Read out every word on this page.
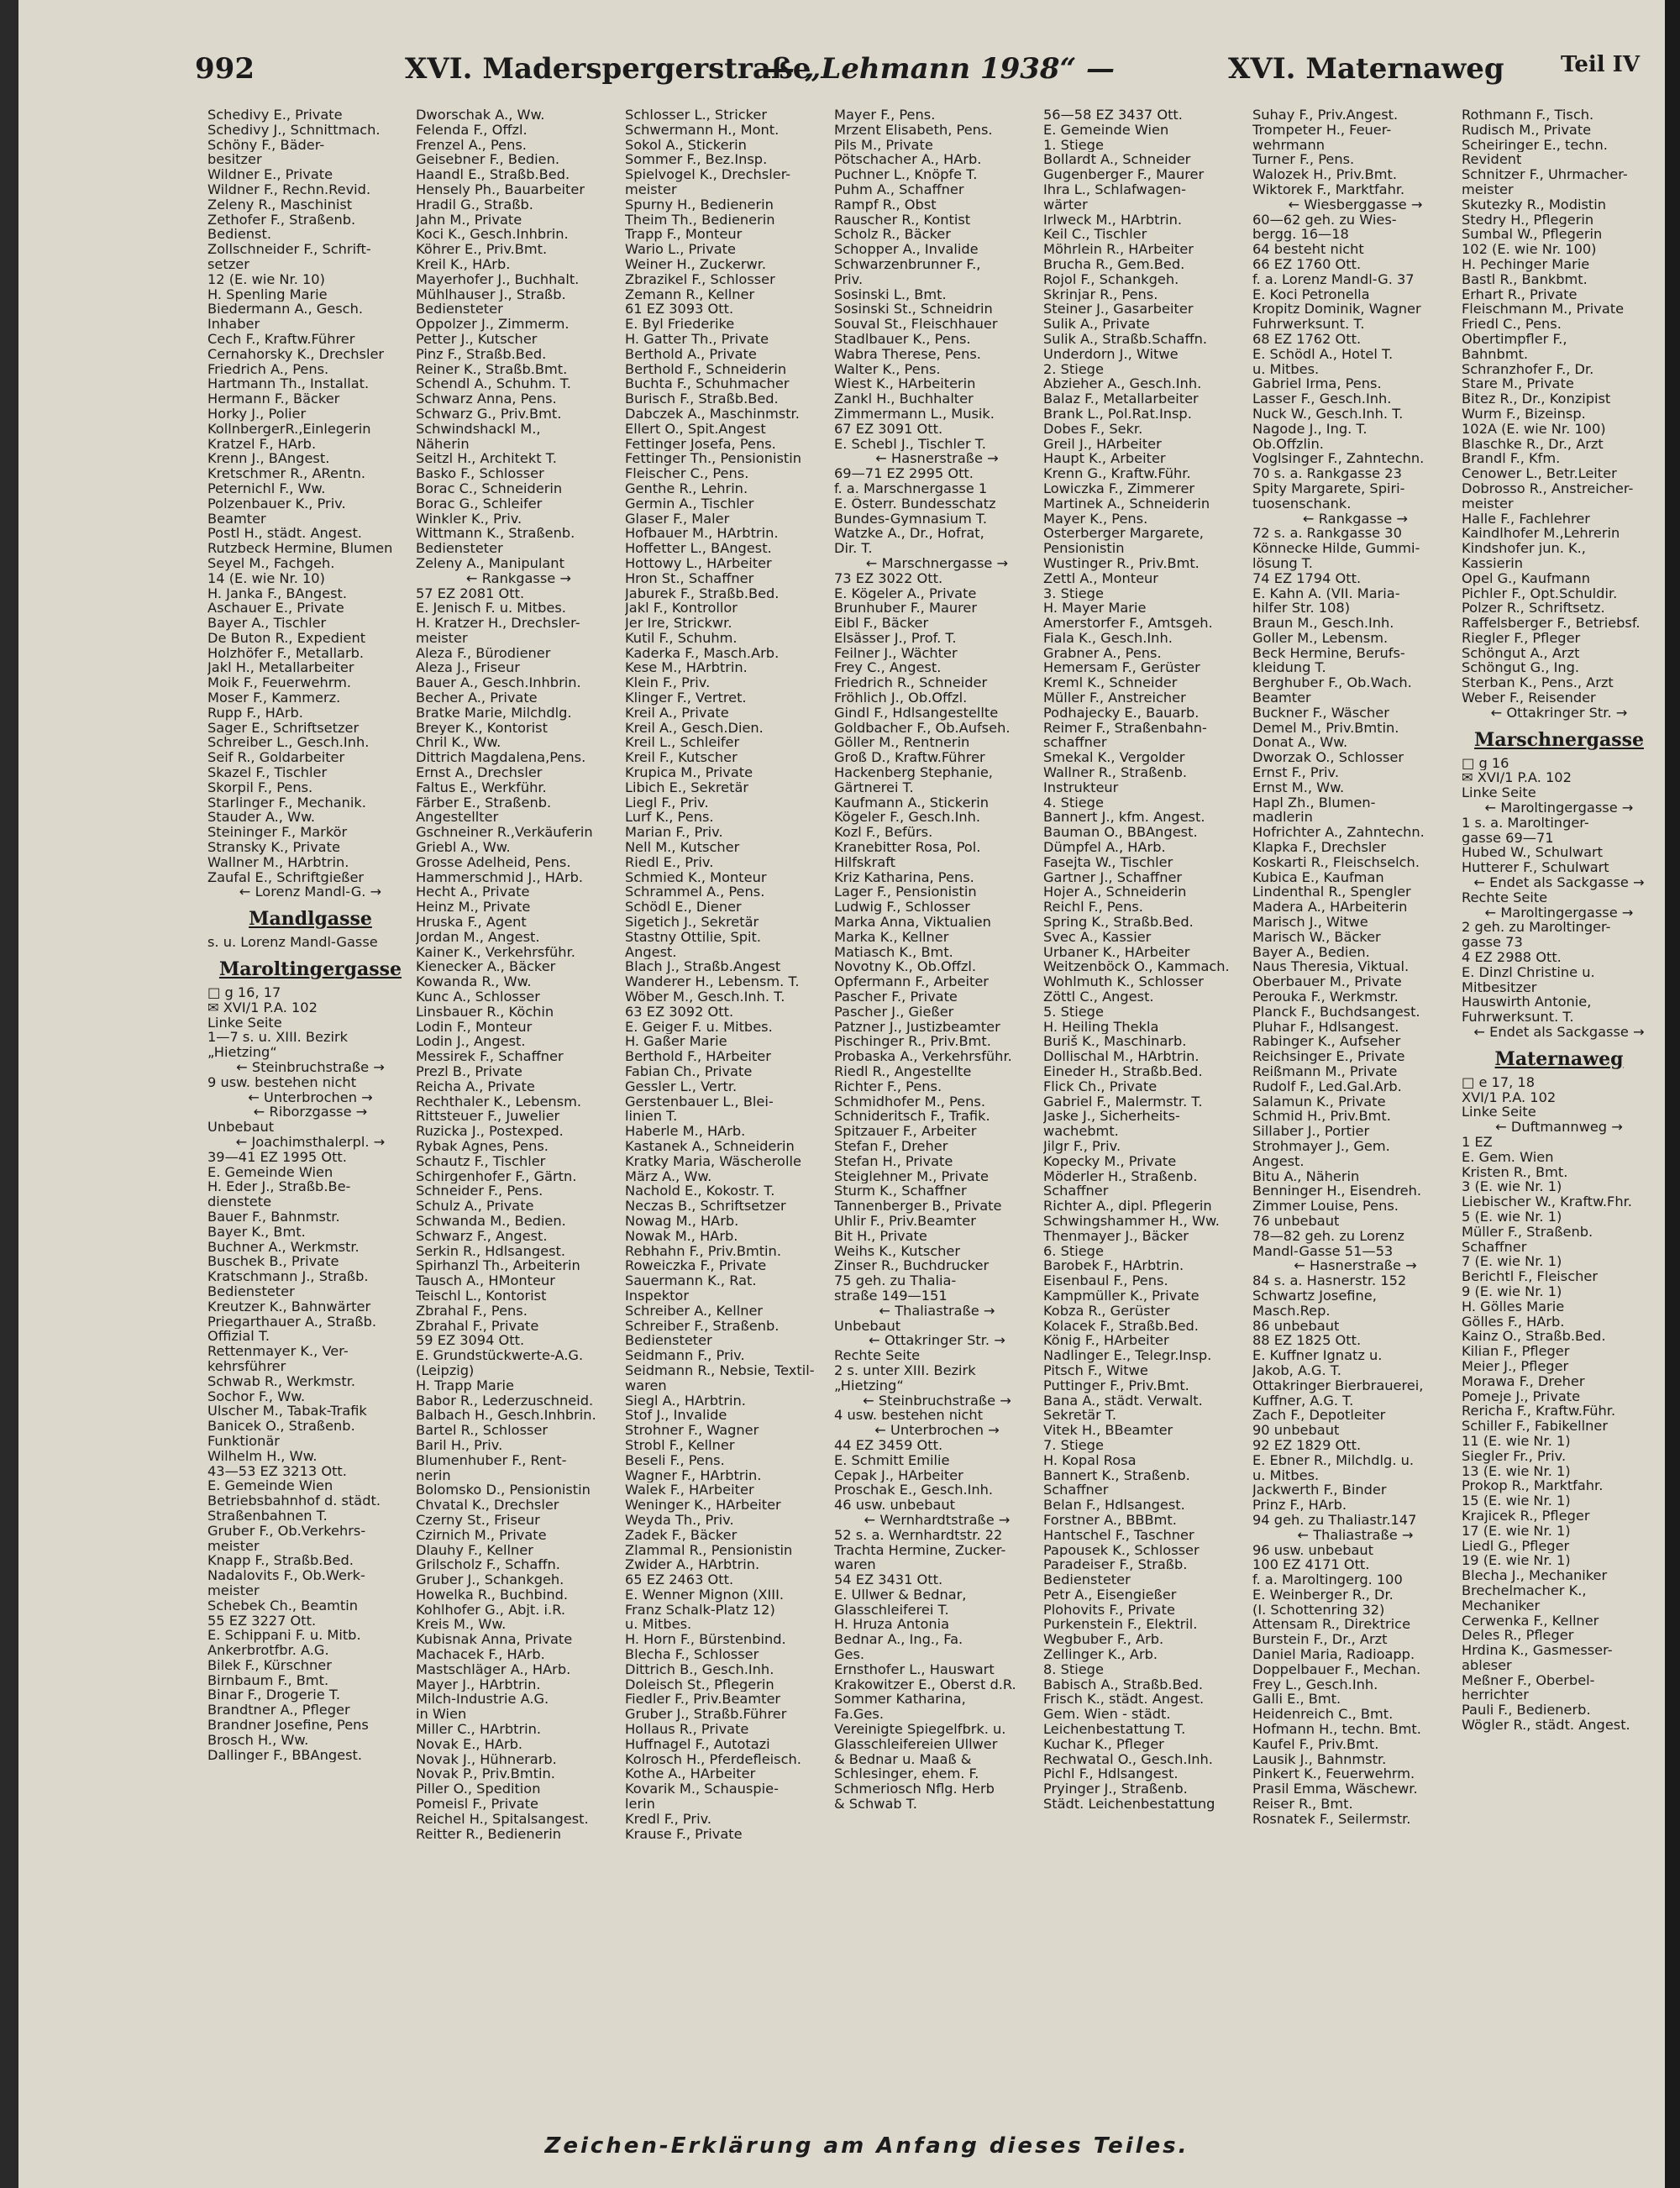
992	XVI. Maderspergerstraße
— „Lehmann 1938“ —	XVI. Maternaweg	Teil IV
Schedivy E., Private
Schedivy J., Schnittmach.
Schöny F., Bäder-
besitzer
Wildner E., Private
Wildner F., Rechn.Revid.
Zeleny R., Maschinist
Zethofer F., Straßenb.
Bedienst.
Zollschneider F., Schrift-
setzer
12 (E. wie Nr. 10)
H. Spenling Marie
Biedermann A., Gesch.
Inhaber
Cech F., Kraftw.Führer
Cernahorsky K., Drechsler
Friedrich A., Pens.
Hartmann Th., Installat.
Hermann F., Bäcker
Horky J., Polier
KollnbergerR.,Einlegerin
Kratzel F., HArb.
Krenn J., BAngest.
Kretschmer R., ARentn.
Peternichl F., Ww.
Polzenbauer K., Priv.
Beamter
Postl H., städt. Angest.
Rutzbeck Hermine, Blumen
Seyel M., Fachgeh.
14 (E. wie Nr. 10)
H. Janka F., BAngest.
Aschauer E., Private
Bayer A., Tischler
De Buton R., Expedient
Holzhöfer F., Metallarb.
Jakl H., Metallarbeiter
Moik F., Feuerwehrm.
Moser F., Kammerz.
Rupp F., HArb.
Sager E., Schriftsetzer
Schreiber L., Gesch.Inh.
Seif R., Goldarbeiter
Skazel F., Tischler
Skorpil F., Pens.
Starlinger F., Mechanik.
Stauder A., Ww.
Steininger F., Markör
Stransky K., Private
Wallner M., HArbtrin.
Zaufal E., Schriftgießer
← Lorenz Mandl-G. →
Mandlgasse
s. u. Lorenz Mandl-Gasse
Maroltingergasse
□ g 16, 17
✉ XVI/1 P.A. 102
Linke Seite
1—7 s. u. XIII. Bezirk
„Hietzing“
← Steinbruchstraße →
9 usw. bestehen nicht
← Unterbrochen →
← Riborzgasse →
Unbebaut
← Joachimsthalerpl. →
39—41 EZ 1995 Ott.
E. Gemeinde Wien
H. Eder J., Straßb.Be-
dienstete
Bauer F., Bahnmstr.
Bayer K., Bmt.
Buchner A., Werkmstr.
Buschek B., Private
Kratschmann J., Straßb.
Bediensteter
Kreutzer K., Bahnwärter
Priegarthauer A., Straßb.
Offizial T.
Rettenmayer K., Ver-
kehrsführer
Schwab R., Werkmstr.
Sochor F., Ww.
Ulscher M., Tabak-Trafik
Banicek O., Straßenb.
Funktionär
Wilhelm H., Ww.
43—53 EZ 3213 Ott.
E. Gemeinde Wien
Betriebsbahnhof d. städt.
Straßenbahnen T.
Gruber F., Ob.Verkehrs-
meister
Knapp F., Straßb.Bed.
Nadalovits F., Ob.Werk-
meister
Schebek Ch., Beamtin
55 EZ 3227 Ott.
E. Schippani F. u. Mitb.
Ankerbrotfbr. A.G.
Bilek F., Kürschner
Birnbaum F., Bmt.
Binar F., Drogerie T.
Brandtner A., Pfleger
Brandner Josefine, Pens
Brosch H., Ww.
Dallinger F., BBAngest.
Dworschak A., Ww.
Felenda F., Offzl.
Frenzel A., Pens.
Geisebner F., Bedien.
Haandl E., Straßb.Bed.
Hensely Ph., Bauarbeiter
Hradil G., Straßb.
Jahn M., Private
Koci K., Gesch.Inhbrin.
Köhrer E., Priv.Bmt.
Kreil K., HArb.
Mayerhofer J., Buchhalt.
Mühlhauser J., Straßb.
Bediensteter
Oppolzer J., Zimmerm.
Petter J., Kutscher
Pinz F., Straßb.Bed.
Reiner K., Straßb.Bmt.
Schendl A., Schuhm. T.
Schwarz Anna, Pens.
Schwarz G., Priv.Bmt.
Schwindshackl M.,
Näherin
Seitzl H., Architekt T.
Basko F., Schlosser
Borac C., Schneiderin
Borac G., Schleifer
Winkler K., Priv.
Wittmann K., Straßenb.
Bediensteter
Zeleny A., Manipulant
← Rankgasse →
57 EZ 2081 Ott.
E. Jenisch F. u. Mitbes.
H. Kratzer H., Drechsler-
meister
Aleza F., Bürodiener
Aleza J., Friseur
Bauer A., Gesch.Inhbrin.
Becher A., Private
Bratke Marie, Milchdlg.
Breyer K., Kontorist
Chril K., Ww.
Dittrich Magdalena,Pens.
Ernst A., Drechsler
Faltus E., Werkführ.
Färber E., Straßenb.
Angestellter
Gschneiner R.,Verkäuferin
Griebl A., Ww.
Grosse Adelheid, Pens.
Hammerschmid J., HArb.
Hecht A., Private
Heinz M., Private
Hruska F., Agent
Jordan M., Angest.
Kainer K., Verkehrsführ.
Kienecker A., Bäcker
Kowanda R., Ww.
Kunc A., Schlosser
Linsbauer R., Köchin
Lodin F., Monteur
Lodin J., Angest.
Messirek F., Schaffner
Prezl B., Private
Reicha A., Private
Rechthaler K., Lebensm.
Rittsteuer F., Juwelier
Ruzicka J., Postexped.
Rybak Agnes, Pens.
Schautz F., Tischler
Schirgenhofer F., Gärtn.
Schneider F., Pens.
Schulz A., Private
Schwanda M., Bedien.
Schwarz F., Angest.
Serkin R., Hdlsangest.
Spirhanzl Th., Arbeiterin
Tausch A., HMonteur
Teischl L., Kontorist
Zbrahal F., Pens.
Zbrahal F., Private
59 EZ 3094 Ott.
E. Grundstückwerte-A.G.
(Leipzig)
H. Trapp Marie
Babor R., Lederzuschneid.
Balbach H., Gesch.Inhbrin.
Bartel R., Schlosser
Baril H., Priv.
Blumenhuber F., Rent-
nerin
Bolomsko D., Pensionistin
Chvatal K., Drechsler
Czerny St., Friseur
Czirnich M., Private
Dlauhy F., Kellner
Grilscholz F., Schaffn.
Gruber J., Schankgeh.
Howelka R., Buchbind.
Kohlhofer G., Abjt. i.R.
Kreis M., Ww.
Kubisnak Anna, Private
Machacek F., HArb.
Mastschläger A., HArb.
Mayer J., HArbtrin.
Milch-Industrie A.G.
in Wien
Miller C., HArbtrin.
Novak E., HArb.
Novak J., Hühnerarb.
Novak P., Priv.Bmtin.
Piller O., Spedition
Pomeisl F., Private
Reichel H., Spitalsangest.
Reitter R., Bedienerin
Schlosser L., Stricker
Schwermann H., Mont.
Sokol A., Stickerin
Sommer F., Bez.Insp.
Spielvogel K., Drechsler-
meister
Spurny H., Bedienerin
Theim Th., Bedienerin
Trapp F., Monteur
Wario L., Private
Weiner H., Zuckerwr.
Zbrazikel F., Schlosser
Zemann R., Kellner
61 EZ 3093 Ott.
E. Byl Friederike
H. Gatter Th., Private
Berthold A., Private
Berthold F., Schneiderin
Buchta F., Schuhmacher
Burisch F., Straßb.Bed.
Dabczek A., Maschinmstr.
Ellert O., Spit.Angest
Fettinger Josefa, Pens.
Fettinger Th., Pensionistin
Fleischer C., Pens.
Genthe R., Lehrin.
Germin A., Tischler
Glaser F., Maler
Hofbauer M., HArbtrin.
Hoffetter L., BAngest.
Hottowy L., HArbeiter
Hron St., Schaffner
Jaburek F., Straßb.Bed.
Jakl F., Kontrollor
Jer Ire, Strickwr.
Kutil F., Schuhm.
Kaderka F., Masch.Arb.
Kese M., HArbtrin.
Klein F., Priv.
Klinger F., Vertret.
Kreil A., Private
Kreil A., Gesch.Dien.
Kreil L., Schleifer
Kreil F., Kutscher
Krupica M., Private
Libich E., Sekretär
Liegl F., Priv.
Lurf K., Pens.
Marian F., Priv.
Nell M., Kutscher
Riedl E., Priv.
Schmied K., Monteur
Schrammel A., Pens.
Schödl E., Diener
Sigetich J., Sekretär
Stastny Ottilie, Spit.
Angest.
Blach J., Straßb.Angest
Wanderer H., Lebensm. T.
Wöber M., Gesch.Inh. T.
63 EZ 3092 Ott.
E. Geiger F. u. Mitbes.
H. Gaßer Marie
Berthold F., HArbeiter
Fabian Ch., Private
Gessler L., Vertr.
Gerstenbauer L., Blei-
linien T.
Haberle M., HArb.
Kastanek A., Schneiderin
Kratky Maria, Wäscherolle
März A., Ww.
Nachold E., Kokostr. T.
Neczas B., Schriftsetzer
Nowag M., HArb.
Nowak M., HArb.
Rebhahn F., Priv.Bmtin.
Roweiczka F., Private
Sauermann K., Rat.
Inspektor
Schreiber A., Kellner
Schreiber F., Straßenb.
Bediensteter
Seidmann F., Priv.
Seidmann R., Nebsie, Textil-
waren
Siegl A., HArbtrin.
Stof J., Invalide
Strohner F., Wagner
Strobl F., Kellner
Beseli F., Pens.
Wagner F., HArbtrin.
Walek F., HArbeiter
Weninger K., HArbeiter
Weyda Th., Priv.
Zadek F., Bäcker
Zlammal R., Pensionistin
Zwider A., HArbtrin.
65 EZ 2463 Ott.
E. Wenner Mignon (XIII.
Franz Schalk-Platz 12)
u. Mitbes.
H. Horn F., Bürstenbind.
Blecha F., Schlosser
Dittrich B., Gesch.Inh.
Doleisch St., Pflegerin
Fiedler F., Priv.Beamter
Gruber J., Straßb.Führer
Hollaus R., Private
Huffnagel F., Autotazi
Kolrosch H., Pferdefleisch.
Kothe A., HArbeiter
Kovarik M., Schauspie-
lerin
Kredl F., Priv.
Krause F., Private
Mayer F., Pens.
Mrzent Elisabeth, Pens.
Pils M., Private
Pötschacher A., HArb.
Puchner L., Knöpfe T.
Puhm A., Schaffner
Rampf R., Obst
Rauscher R., Kontist
Scholz R., Bäcker
Schopper A., Invalide
Schwarzenbrunner F.,
Priv.
Sosinski L., Bmt.
Sosinski St., Schneidrin
Souval St., Fleischhauer
Stadlbauer K., Pens.
Wabra Therese, Pens.
Walter K., Pens.
Wiest K., HArbeiterin
Zankl H., Buchhalter
Zimmermann L., Musik.
67 EZ 3091 Ott.
E. Schebl J., Tischler T.
← Hasnerstraße →
69—71 EZ 2995 Ott.
f. a. Marschnergasse 1
E. Österr. Bundesschatz
Bundes-Gymnasium T.
Watzke A., Dr., Hofrat,
Dir. T.
← Marschnergasse →
73 EZ 3022 Ott.
E. Kögeler A., Private
Brunhuber F., Maurer
Eibl F., Bäcker
Elsässer J., Prof. T.
Feilner J., Wächter
Frey C., Angest.
Friedrich R., Schneider
Fröhlich J., Ob.Offzl.
Gindl F., Hdlsangestellte
Goldbacher F., Ob.Aufseh.
Göller M., Rentnerin
Groß D., Kraftw.Führer
Hackenberg Stephanie,
Gärtnerei T.
Kaufmann A., Stickerin
Kögeler F., Gesch.Inh.
Kozl F., Befürs.
Kranebitter Rosa, Pol.
Hilfskraft
Kriz Katharina, Pens.
Lager F., Pensionistin
Ludwig F., Schlosser
Marka Anna, Viktualien
Marka K., Kellner
Matiasch K., Bmt.
Novotny K., Ob.Offzl.
Opfermann F., Arbeiter
Pascher F., Private
Pascher J., Gießer
Patzner J., Justizbeamter
Pischinger R., Priv.Bmt.
Probaska A., Verkehrsführ.
Riedl R., Angestellte
Richter F., Pens.
Schmidhofer M., Pens.
Schnideritsch F., Trafik.
Spitzauer F., Arbeiter
Stefan F., Dreher
Stefan H., Private
Steiglehner M., Private
Sturm K., Schaffner
Tannenberger B., Private
Uhlir F., Priv.Beamter
Bit H., Private
Weihs K., Kutscher
Zinser R., Buchdrucker
75 geh. zu Thalia-
straße 149—151
← Thaliastraße →
Unbebaut
← Ottakringer Str. →
Rechte Seite
2 s. unter XIII. Bezirk
„Hietzing“
← Steinbruchstraße →
4 usw. bestehen nicht
← Unterbrochen →
44 EZ 3459 Ott.
E. Schmitt Emilie
Cepak J., HArbeiter
Proschak E., Gesch.Inh.
46 usw. unbebaut
← Wernhardtstraße →
52 s. a. Wernhardtstr. 22
Trachta Hermine, Zucker-
waren
54 EZ 3431 Ott.
E. Ullwer & Bednar,
Glasschleiferei T.
H. Hruza Antonia
Bednar A., Ing., Fa.
Ges.
Ernsthofer L., Hauswart
Krakowitzer E., Oberst d.R.
Sommer Katharina,
Fa.Ges.
Vereinigte Spiegelfbrk. u.
Glasschleifereien Ullwer
& Bednar u. Maaß &
Schlesinger, ehem. F.
Schmeriosch Nflg. Herb
& Schwab T.
56—58 EZ 3437 Ott.
E. Gemeinde Wien
1. Stiege
Bollardt A., Schneider
Gugenberger F., Maurer
Ihra L., Schlafwagen-
wärter
Irlweck M., HArbtrin.
Keil C., Tischler
Möhrlein R., HArbeiter
Brucha R., Gem.Bed.
Rojol F., Schankgeh.
Skrinjar R., Pens.
Steiner J., Gasarbeiter
Sulik A., Private
Sulik A., Straßb.Schaffn.
Underdorn J., Witwe
2. Stiege
Abzieher A., Gesch.Inh.
Balaz F., Metallarbeiter
Brank L., Pol.Rat.Insp.
Dobes F., Sekr.
Greil J., HArbeiter
Haupt K., Arbeiter
Krenn G., Kraftw.Führ.
Lowiczka F., Zimmerer
Martinek A., Schneiderin
Mayer K., Pens.
Osterberger Margarete,
Pensionistin
Wustinger R., Priv.Bmt.
Zettl A., Monteur
3. Stiege
H. Mayer Marie
Amerstorfer F., Amtsgeh.
Fiala K., Gesch.Inh.
Grabner A., Pens.
Hemersam F., Gerüster
Kreml K., Schneider
Müller F., Anstreicher
Podhajecky E., Bauarb.
Reimer F., Straßenbahn-
schaffner
Smekal K., Vergolder
Wallner R., Straßenb.
Instrukteur
4. Stiege
Bannert J., kfm. Angest.
Bauman O., BBAngest.
Dümpfel A., HArb.
Fasejta W., Tischler
Gartner J., Schaffner
Hojer A., Schneiderin
Reichl F., Pens.
Spring K., Straßb.Bed.
Svec A., Kassier
Urbaner K., HArbeiter
Weitzenböck O., Kammach.
Wohlmuth K., Schlosser
Zöttl C., Angest.
5. Stiege
H. Heiling Thekla
Buriš K., Maschinarb.
Dollischal M., HArbtrin.
Eineder H., Straßb.Bed.
Flick Ch., Private
Gabriel F., Malermstr. T.
Jaske J., Sicherheits-
wachebmt.
Jilgr F., Priv.
Kopecky M., Private
Möderler H., Straßenb.
Schaffner
Richter A., dipl. Pflegerin
Schwingshammer H., Ww.
Thenmayer J., Bäcker
6. Stiege
Barobek F., HArbtrin.
Eisenbaul F., Pens.
Kampmüller K., Private
Kobza R., Gerüster
Kolacek F., Straßb.Bed.
König F., HArbeiter
Nadlinger E., Telegr.Insp.
Pitsch F., Witwe
Puttinger F., Priv.Bmt.
Bana A., städt. Verwalt.
Sekretär T.
Vitek H., BBeamter
7. Stiege
H. Kopal Rosa
Bannert K., Straßenb.
Schaffner
Belan F., Hdlsangest.
Forstner A., BBBmt.
Hantschel F., Taschner
Papousek K., Schlosser
Paradeiser F., Straßb.
Bediensteter
Petr A., Eisengießer
Plohovits F., Private
Purkenstein F., Elektril.
Wegbuber F., Arb.
Zellinger K., Arb.
8. Stiege
Babisch A., Straßb.Bed.
Frisch K., städt. Angest.
Gem. Wien - städt.
Leichenbestattung T.
Kuchar K., Pfleger
Rechwatal O., Gesch.Inh.
Pichl F., Hdlsangest.
Pryinger J., Straßenb.
Städt. Leichenbestattung
Suhay F., Priv.Angest.
Trompeter H., Feuer-
wehrmann
Turner F., Pens.
Walozek H., Priv.Bmt.
Wiktorek F., Marktfahr.
← Wiesberggasse →
60—62 geh. zu Wies-
bergg. 16—18
64 besteht nicht
66 EZ 1760 Ott.
f. a. Lorenz Mandl-G. 37
E. Koci Petronella
Kropitz Dominik, Wagner
Fuhrwerksunt. T.
68 EZ 1762 Ott.
E. Schödl A., Hotel T.
u. Mitbes.
Gabriel Irma, Pens.
Lasser F., Gesch.Inh.
Nuck W., Gesch.Inh. T.
Nagode J., Ing. T.
Ob.Offzlin.
Voglsinger F., Zahntechn.
70 s. a. Rankgasse 23
Spity Margarete, Spiri-
tuosenschank.
← Rankgasse →
72 s. a. Rankgasse 30
Könnecke Hilde, Gummi-
lösung T.
74 EZ 1794 Ott.
E. Kahn A. (VII. Maria-
hilfer Str. 108)
Braun M., Gesch.Inh.
Goller M., Lebensm.
Beck Hermine, Berufs-
kleidung T.
Berghuber F., Ob.Wach.
Beamter
Buckner F., Wäscher
Demel M., Priv.Bmtin.
Donat A., Ww.
Dworzak O., Schlosser
Ernst F., Priv.
Ernst M., Ww.
Hapl Zh., Blumen-
madlerin
Hofrichter A., Zahntechn.
Klapka F., Drechsler
Koskarti R., Fleischselch.
Kubica E., Kaufman
Lindenthal R., Spengler
Madera A., HArbeiterin
Marisch J., Witwe
Marisch W., Bäcker
Bayer A., Bedien.
Naus Theresia, Viktual.
Oberbauer M., Private
Perouka F., Werkmstr.
Planck F., Buchdsangest.
Pluhar F., Hdlsangest.
Rabinger K., Aufseher
Reichsinger E., Private
Reißmann M., Private
Rudolf F., Led.Gal.Arb.
Salamun K., Private
Schmid H., Priv.Bmt.
Sillaber J., Portier
Strohmayer J., Gem.
Angest.
Bitu A., Näherin
Benninger H., Eisendreh.
Zimmer Louise, Pens.
76 unbebaut
78—82 geh. zu Lorenz
Mandl-Gasse 51—53
← Hasnerstraße →
84 s. a. Hasnerstr. 152
Schwartz Josefine,
Masch.Rep.
86 unbebaut
88 EZ 1825 Ott.
E. Kuffner Ignatz u.
Jakob, A.G. T.
Ottakringer Bierbrauerei,
Kuffner, A.G. T.
Zach F., Depotleiter
90 unbebaut
92 EZ 1829 Ott.
E. Ebner R., Milchdlg. u.
u. Mitbes.
Jackwerth F., Binder
Prinz F., HArb.
94 geh. zu Thaliastr.147
← Thaliastraße →
96 usw. unbebaut
100 EZ 4171 Ott.
f. a. Maroltingerg. 100
E. Weinberger R., Dr.
(I. Schottenring 32)
Attensam R., Direktrice
Burstein F., Dr., Arzt
Daniel Maria, Radioapp.
Doppelbauer F., Mechan.
Frey L., Gesch.Inh.
Galli E., Bmt.
Heidenreich C., Bmt.
Hofmann H., techn. Bmt.
Kaufel F., Priv.Bmt.
Lausik J., Bahnmstr.
Pinkert K., Feuerwehrm.
Prasil Emma, Wäschewr.
Reiser R., Bmt.
Rosnatek F., Seilermstr.
Rothmann F., Tisch.
Rudisch M., Private
Scheiringer E., techn.
Revident
Schnitzer F., Uhrmacher-
meister
Skutezky R., Modistin
Stedry H., Pflegerin
Sumbal W., Pflegerin
102 (E. wie Nr. 100)
H. Pechinger Marie
Bastl R., Bankbmt.
Erhart R., Private
Fleischmann M., Private
Friedl C., Pens.
Obertimpfler F.,
Bahnbmt.
Schranzhofer F., Dr.
Stare M., Private
Bitez R., Dr., Konzipist
Wurm F., Bizeinsp.
102A (E. wie Nr. 100)
Blaschke R., Dr., Arzt
Brandl F., Kfm.
Cenower L., Betr.Leiter
Dobrosso R., Anstreicher-
meister
Halle F., Fachlehrer
Kaindlhofer M.,Lehrerin
Kindshofer jun. K.,
Kassierin
Opel G., Kaufmann
Pichler F., Opt.Schuldir.
Polzer R., Schriftsetz.
Raffelsberger F., Betriebsf.
Riegler F., Pfleger
Schöngut A., Arzt
Schöngut G., Ing.
Sterban K., Pens., Arzt
Weber F., Reisender
← Ottakringer Str. →
Marschnergasse
□ g 16
✉ XVI/1 P.A. 102
Linke Seite
← Maroltingergasse →
1 s. a. Maroltinger-
gasse 69—71
Hubed W., Schulwart
Hutterer F., Schulwart
← Endet als Sackgasse →
Rechte Seite
← Maroltingergasse →
2 geh. zu Maroltinger-
gasse 73
4 EZ 2988 Ott.
E. Dinzl Christine u.
Mitbesitzer
Hauswirth Antonie,
Fuhrwerksunt. T.
← Endet als Sackgasse →
Maternaweg
□ e 17, 18
XVI/1 P.A. 102
Linke Seite
← Duftmannweg →
1 EZ
E. Gem. Wien
Kristen R., Bmt.
3 (E. wie Nr. 1)
Liebischer W., Kraftw.Fhr.
5 (E. wie Nr. 1)
Müller F., Straßenb.
Schaffner
7 (E. wie Nr. 1)
Berichtl F., Fleischer
9 (E. wie Nr. 1)
H. Gölles Marie
Gölles F., HArb.
Kainz O., Straßb.Bed.
Kilian F., Pfleger
Meier J., Pfleger
Morawa F., Dreher
Pomeje J., Private
Rericha F., Kraftw.Führ.
Schiller F., Fabikellner
11 (E. wie Nr. 1)
Siegler Fr., Priv.
13 (E. wie Nr. 1)
Prokop R., Marktfahr.
15 (E. wie Nr. 1)
Krajicek R., Pfleger
17 (E. wie Nr. 1)
Liedl G., Pfleger
19 (E. wie Nr. 1)
Blecha J., Mechaniker
Brechelmacher K.,
Mechaniker
Cerwenka F., Kellner
Deles R., Pfleger
Hrdina K., Gasmesser-
ableser
Meßner F., Oberbel-
herrichter
Pauli F., Bedienerb.
Wögler R., städt. Angest.
Zeichen-Erklärung am Anfang dieses Teiles.
